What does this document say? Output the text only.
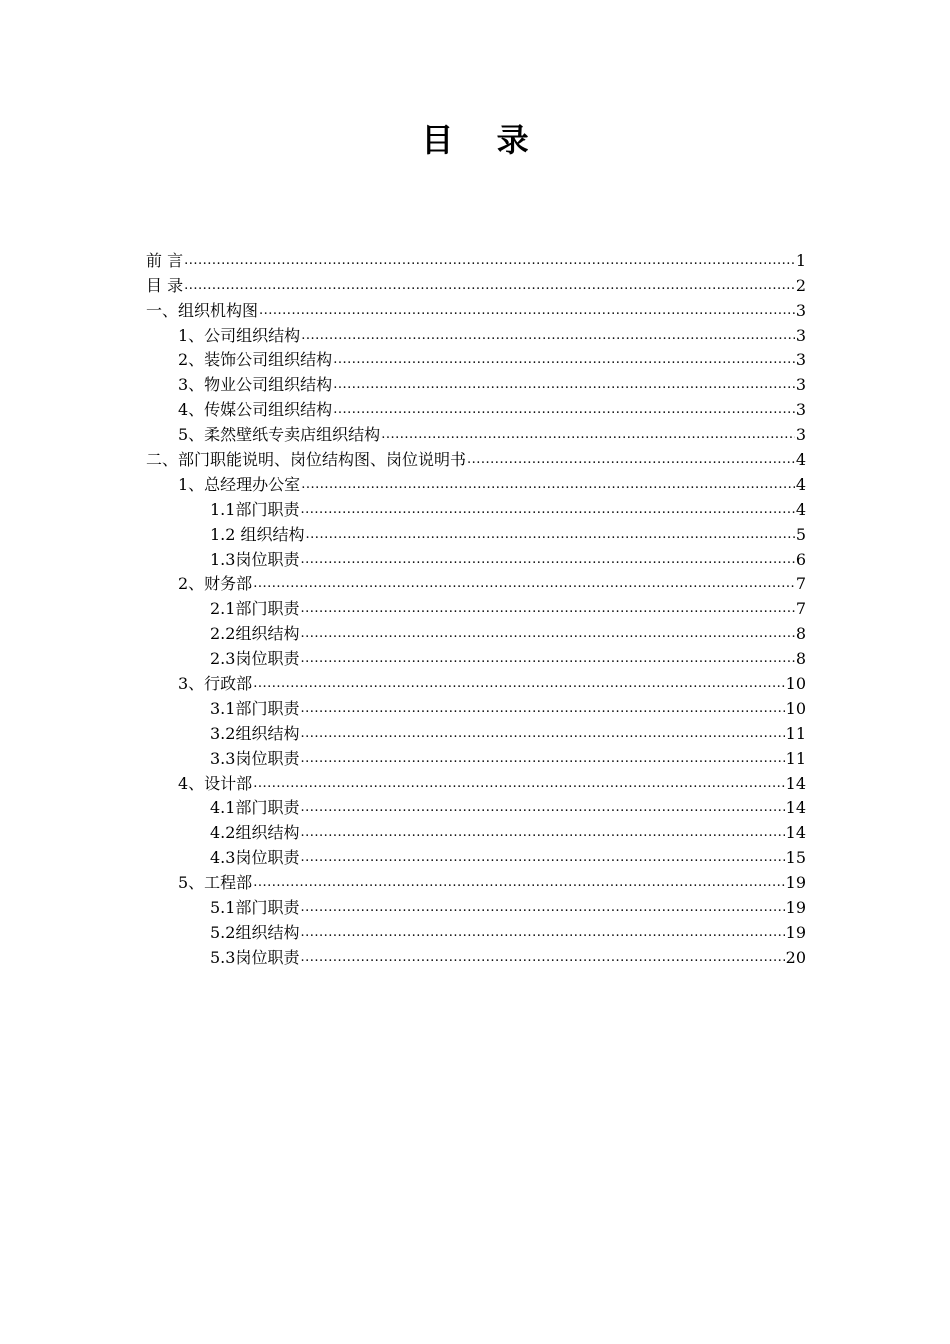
目 录
前 言 .....	1
目 录 .....	2
一、组织机构图 .....	3
1、公司组织结构 .....	3
2、装饰公司组织结构 .....	3
3、物业公司组织结构 .....	3
4、传媒公司组织结构 .....	3
5、柔然壁纸专卖店组织结构 .....	3
二、部门职能说明、岗位结构图、岗位说明书 .....	4
1、总经理办公室 .....	4
1.1部门职责 .....	4
1.2 组织结构 .....	5
1.3岗位职责 .....	6
2、财务部 .....	7
2.1部门职责 .....	7
2.2组织结构 .....	8
2.3岗位职责 .....	8
3、行政部 .....	10
3.1部门职责 .....	10
3.2组织结构 .....	11
3.3岗位职责 .....	11
4、设计部 .....	14
4.1部门职责 .....	14
4.2组织结构 .....	14
4.3岗位职责 .....	15
5、工程部 .....	19
5.1部门职责 .....	19
5.2组织结构 .....	19
5.3岗位职责 .....	20
